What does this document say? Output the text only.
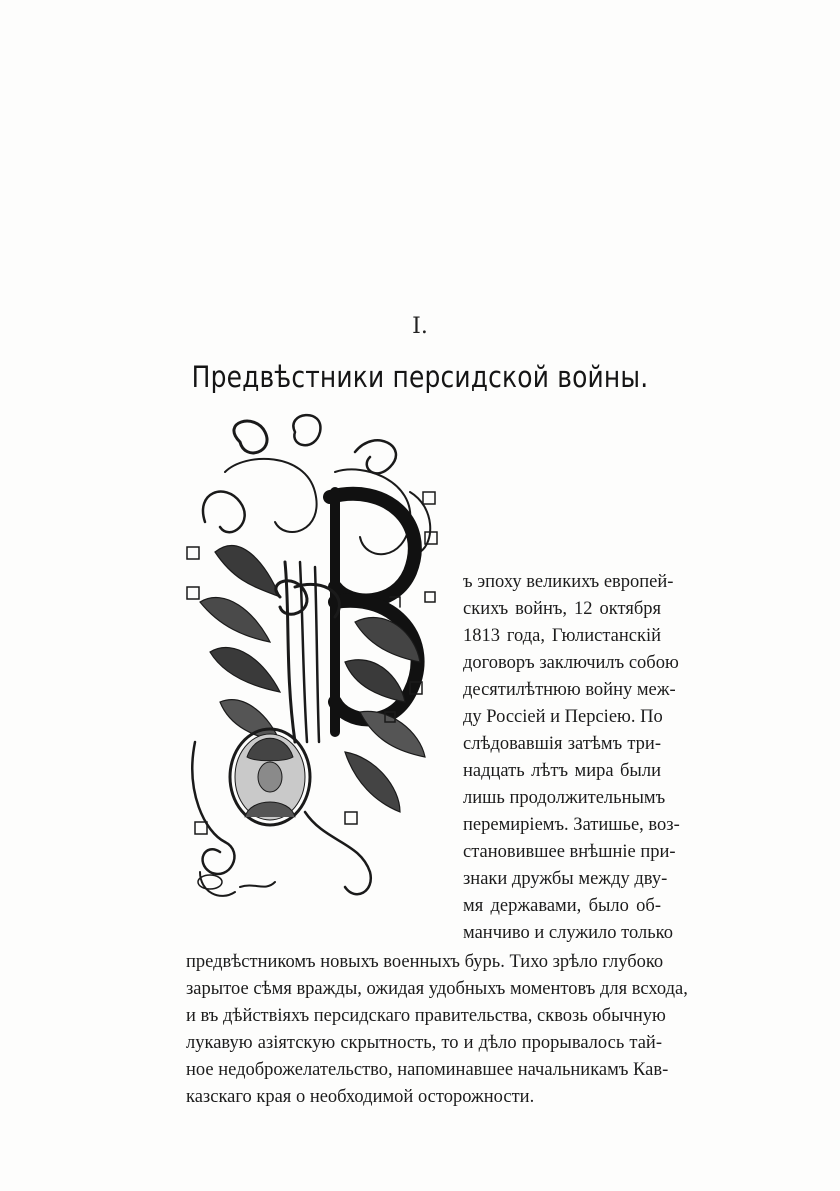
I.
Предвѣстники персидской войны.
ъ эпоху великихъ европей-
скихъ войнъ, 12 октября
1813 года, Гюлистанскій
договоръ заключилъ собою
десятилѣтнюю войну меж-
ду Россіей и Персіею. По
слѣдовавшія затѣмъ три-
надцать лѣтъ мира были
лишь продолжительнымъ
перемиріемъ. Затишье, воз-
становившее внѣшніе при-
знаки дружбы между дву-
мя державами, было об-
манчиво и служило только
предвѣстникомъ новыхъ военныхъ бурь. Тихо зрѣло глубоко
зарытое сѣмя вражды, ожидая удобныхъ моментовъ для всхода,
и въ дѣйствіяхъ персидскаго правительства, сквозь обычную
лукавую азіятскую скрытность, то и дѣло прорывалось тай-
ное недоброжелательство, напоминавшее начальникамъ Кав-
казскаго края о необходимой осторожности.
